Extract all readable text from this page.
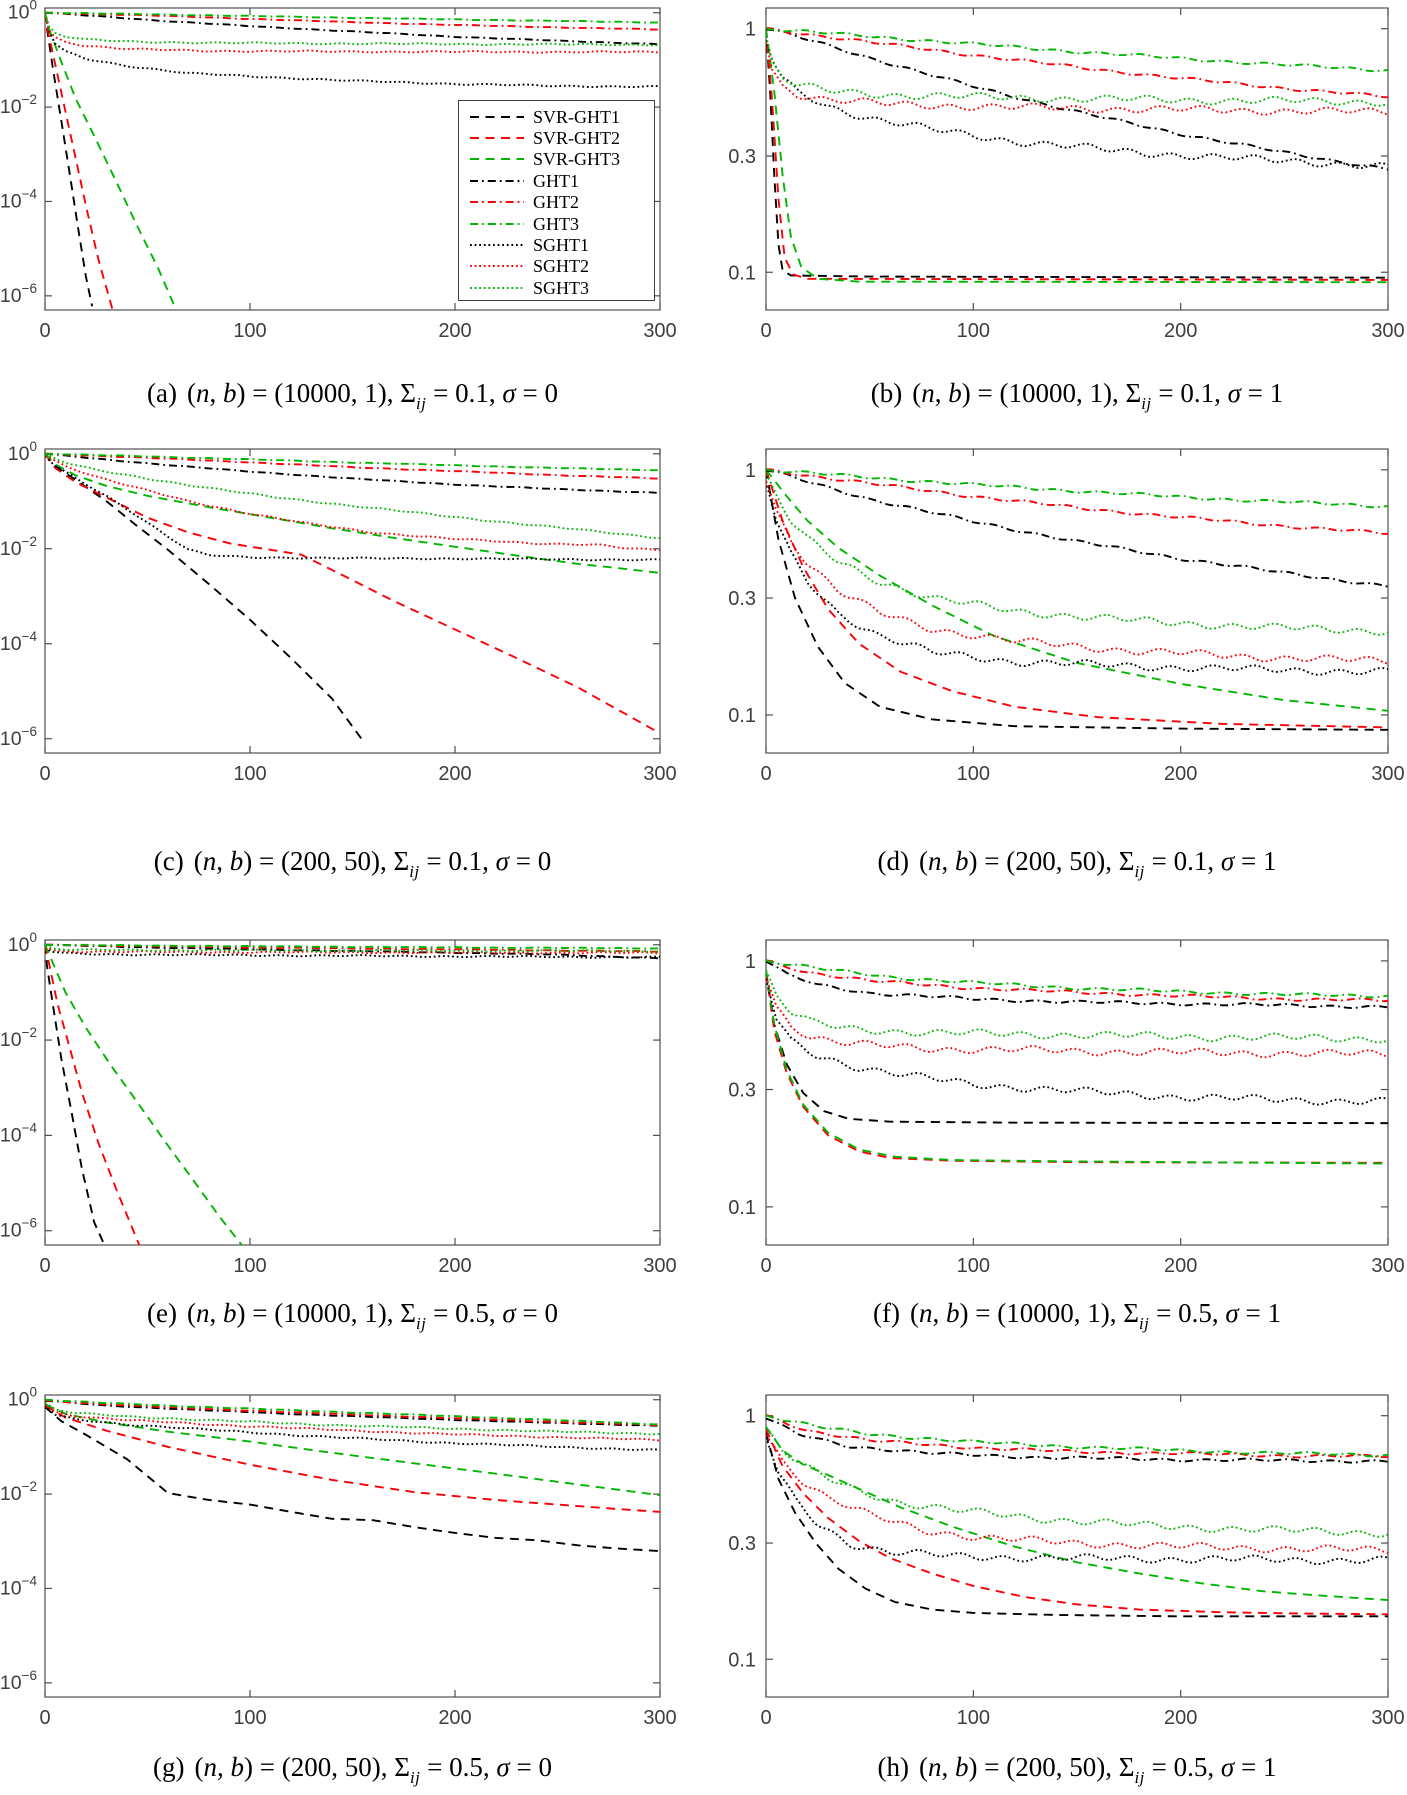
0	100	200	300
$10^0$
$10^{-2}$
$10^{-4}$
$10^{-6}$
(a) (n, b) = (10000, 1), $\Sigma_{ij} = 0.1$, σ = 0
0	100	200	300
1
0.3
0.1
(b) (n, b) = (10000, 1), $\Sigma_{ij} = 0.1$, σ = 1
0	100	200	300
$10^0$
$10^{-2}$
$10^{-4}$
$10^{-6}$
(c) (n, b) = (200, 50), $\Sigma_{ij} = 0.1$, σ = 0
0	100	200	300
1
0.3
0.1
(d) (n, b) = (200, 50), $\Sigma_{ij} = 0.1$, σ = 1
0	100	200	300
$10^0$
$10^{-2}$
$10^{-4}$
$10^{-6}$
(e) (n, b) = (10000, 1), $\Sigma_{ij} = 0.5$, σ = 0
0	100	200	300
1
0.3
0.1
(f) (n, b) = (10000, 1), $\Sigma_{ij} = 0.5$, σ = 1
0	100	200	300
$10^0$
$10^{-2}$
$10^{-4}$
$10^{-6}$
(g) (n, b) = (200, 50), $\Sigma_{ij} = 0.5$, σ = 0
0	100	200	300
1
0.3
0.1
(h) (n, b) = (200, 50), $\Sigma_{ij} = 0.5$, σ = 1
SVR-GHT1
SVR-GHT2
SVR-GHT3
GHT1
GHT2
GHT3
SGHT1
SGHT2
SGHT3
